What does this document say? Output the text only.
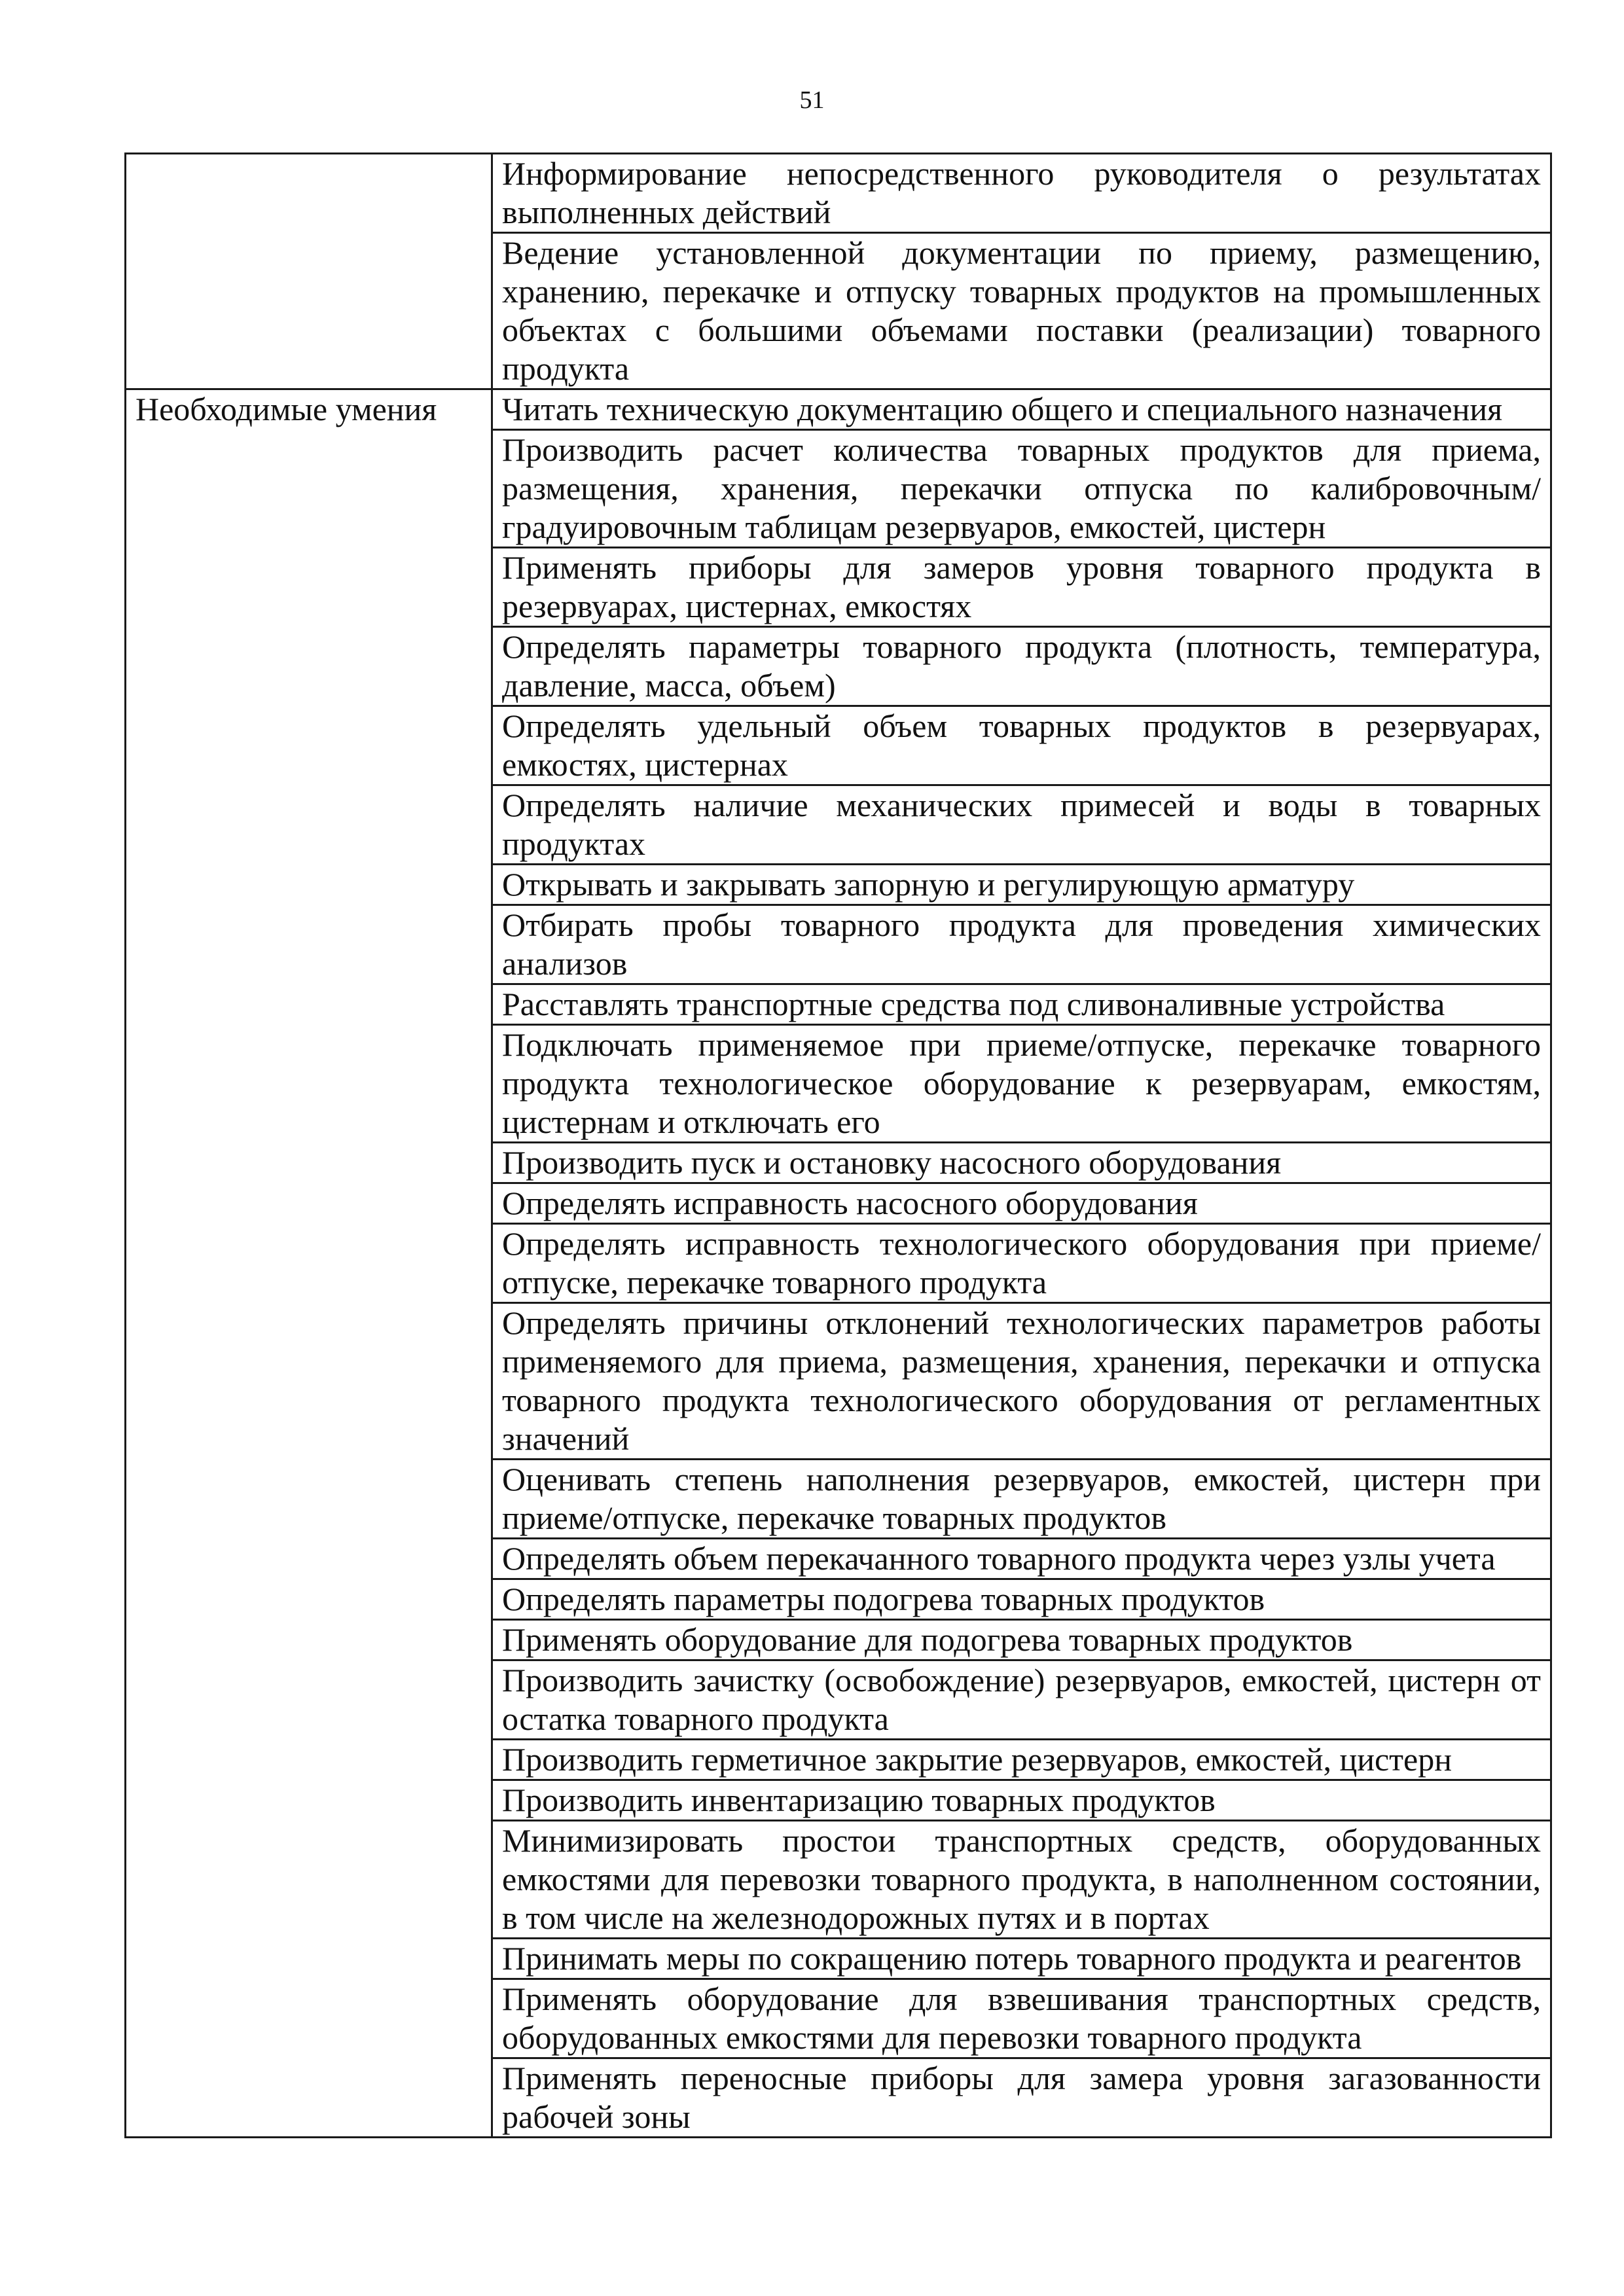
51
	Информирование непосредственного руководителя о результатах выполненных действий
	Ведение установленной документации по приему, размещению, хранению, перекачке и отпуску товарных продуктов на промышленных объектах с большими объемами поставки (реализации) товарного продукта
Необходимые умения	Читать техническую документацию общего и специального назначения
	Производить расчет количества товарных продуктов для приема, размещения, хранения, перекачки отпуска по калибровочным/градуировочным таблицам резервуаров, емкостей, цистерн
	Применять приборы для замеров уровня товарного продукта в резервуарах, цистернах, емкостях
	Определять параметры товарного продукта (плотность, температура, давление, масса, объем)
	Определять удельный объем товарных продуктов в резервуарах, емкостях, цистернах
	Определять наличие механических примесей и воды в товарных продуктах
	Открывать и закрывать запорную и регулирующую арматуру
	Отбирать пробы товарного продукта для проведения химических анализов
	Расставлять транспортные средства под сливоналивные устройства
	Подключать применяемое при приеме/отпуске, перекачке товарного продукта технологическое оборудование к резервуарам, емкостям, цистернам и отключать его
	Производить пуск и остановку насосного оборудования
	Определять исправность насосного оборудования
	Определять исправность технологического оборудования при приеме/отпуске, перекачке товарного продукта
	Определять причины отклонений технологических параметров работы применяемого для приема, размещения, хранения, перекачки и отпуска товарного продукта технологического оборудования от регламентных значений
	Оценивать степень наполнения резервуаров, емкостей, цистерн при приеме/отпуске, перекачке товарных продуктов
	Определять объем перекачанного товарного продукта через узлы учета
	Определять параметры подогрева товарных продуктов
	Применять оборудование для подогрева товарных продуктов
	Производить зачистку (освобождение) резервуаров, емкостей, цистерн от остатка товарного продукта
	Производить герметичное закрытие резервуаров, емкостей, цистерн
	Производить инвентаризацию товарных продуктов
	Минимизировать простои транспортных средств, оборудованных емкостями для перевозки товарного продукта, в наполненном состоянии, в том числе на железнодорожных путях и в портах
	Принимать меры по сокращению потерь товарного продукта и реагентов
	Применять оборудование для взвешивания транспортных средств, оборудованных емкостями для перевозки товарного продукта
	Применять переносные приборы для замера уровня загазованности рабочей зоны
